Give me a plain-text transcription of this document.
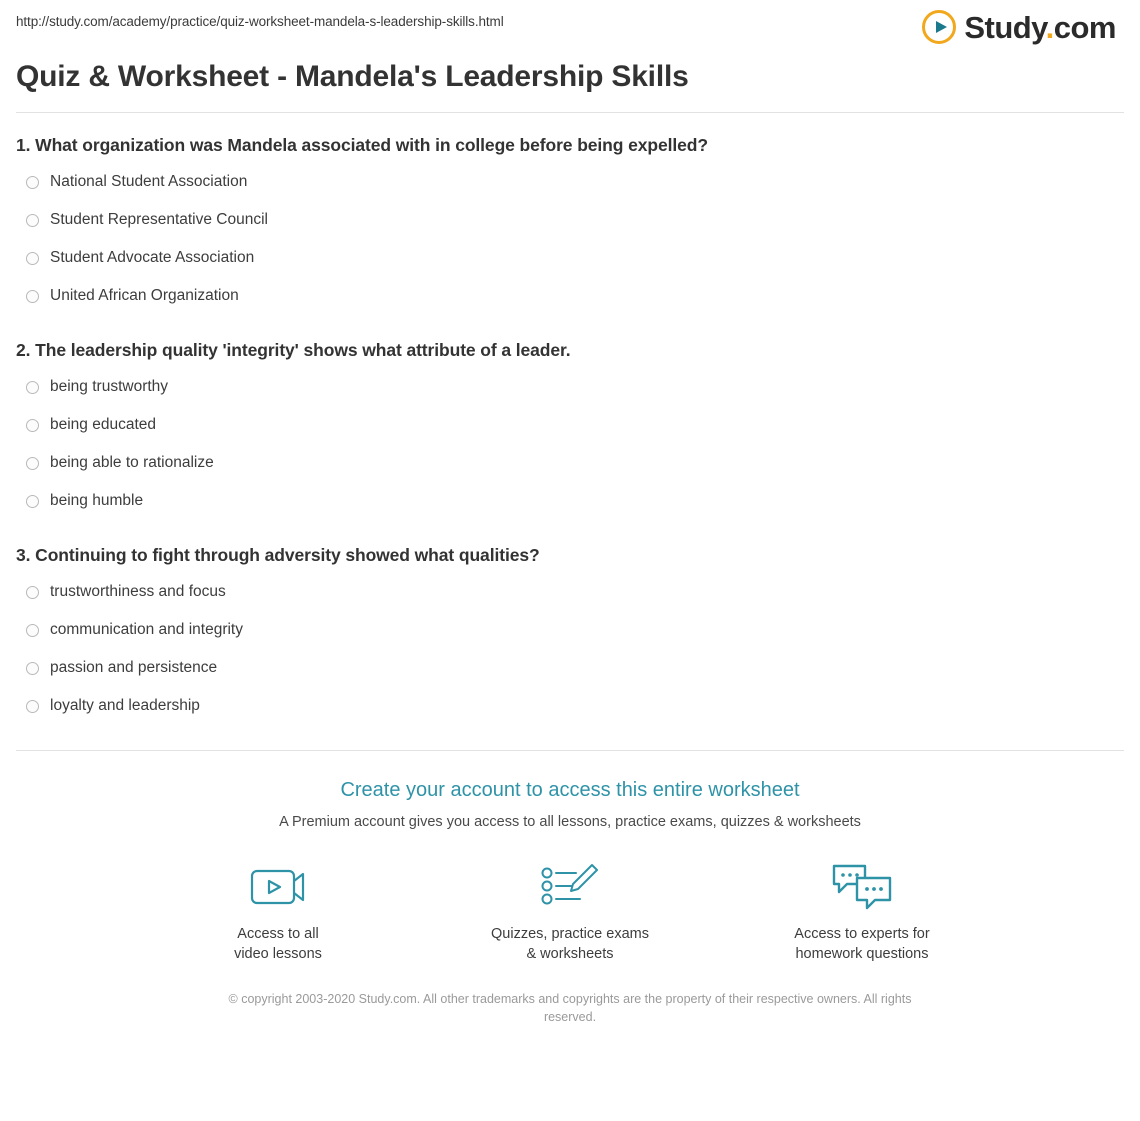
http://study.com/academy/practice/quiz-worksheet-mandela-s-leadership-skills.html	Study.com
Quiz & Worksheet - Mandela's Leadership Skills

1. What organization was Mandela associated with in college before being expelled?

National Student Association
Student Representative Council
Student Advocate Association
United African Organization

2. The leadership quality 'integrity' shows what attribute of a leader.

being trustworthy
being educated
being able to rationalize
being humble

3. Continuing to fight through adversity showed what qualities?

trustworthiness and focus
communication and integrity
passion and persistence
loyalty and leadership

Create your account to access this entire worksheet

A Premium account gives you access to all lessons, practice exams, quizzes & worksheets

Access to all
video lessons
Quizzes, practice exams
& worksheets
Access to experts for
homework questions

© copyright 2003-2020 Study.com. All other trademarks and copyrights are the property of their respective owners. All rights reserved.
